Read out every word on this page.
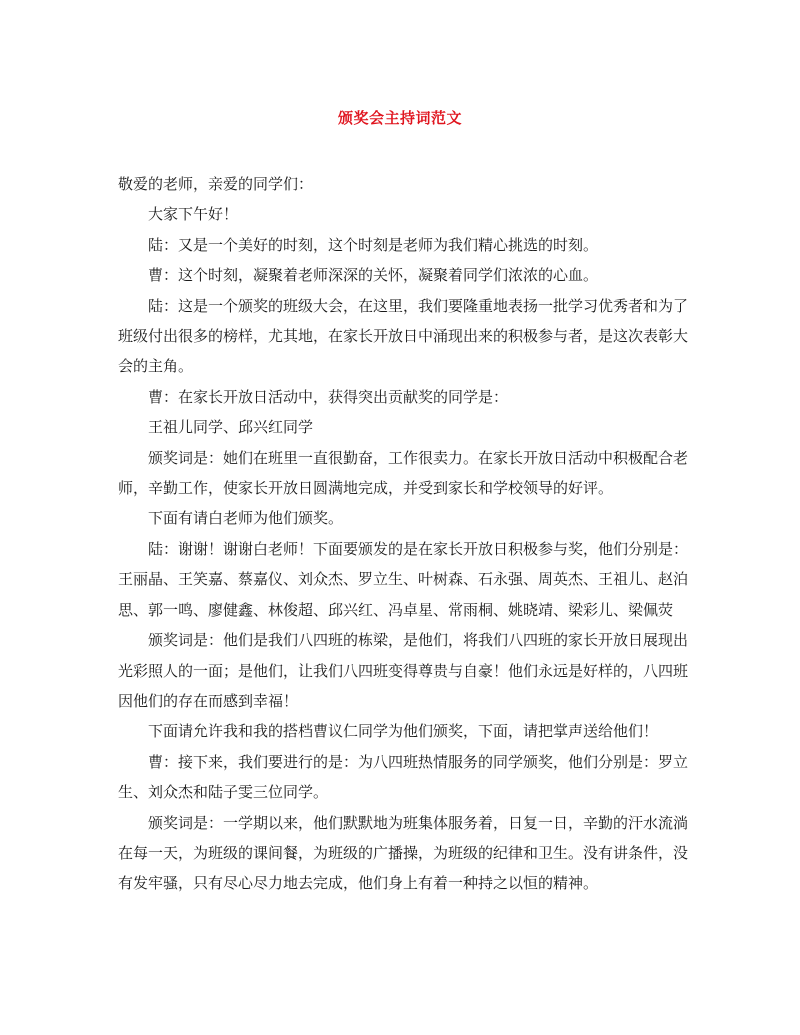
颁奖会主持词范文

敬爱的老师，亲爱的同学们：

大家下午好！

陆：又是一个美好的时刻，这个时刻是老师为我们精心挑选的时刻。

曹：这个时刻，凝聚着老师深深的关怀，凝聚着同学们浓浓的心血。

陆：这是一个颁奖的班级大会，在这里，我们要隆重地表扬一批学习优秀者和为了班级付出很多的榜样，尤其地，在家长开放日中涌现出来的积极参与者，是这次表彰大会的主角。

曹：在家长开放日活动中，获得突出贡献奖的同学是：

王祖儿同学、邱兴红同学

颁奖词是：她们在班里一直很勤奋，工作很卖力。在家长开放日活动中积极配合老师，辛勤工作，使家长开放日圆满地完成，并受到家长和学校领导的好评。

下面有请白老师为他们颁奖。

陆：谢谢！谢谢白老师！下面要颁发的是在家长开放日积极参与奖，他们分别是：王丽晶、王笑嘉、蔡嘉仪、刘众杰、罗立生、叶树森、石永强、周英杰、王祖儿、赵泊思、郭一鸣、廖健鑫、林俊超、邱兴红、冯卓星、常雨桐、姚晓靖、梁彩儿、梁佩荧

颁奖词是：他们是我们八四班的栋梁，是他们，将我们八四班的家长开放日展现出光彩照人的一面；是他们，让我们八四班变得尊贵与自豪！他们永远是好样的，八四班因他们的存在而感到幸福！

下面请允许我和我的搭档曹议仁同学为他们颁奖，下面，请把掌声送给他们！

曹：接下来，我们要进行的是：为八四班热情服务的同学颁奖，他们分别是：罗立生、刘众杰和陆子雯三位同学。

颁奖词是：一学期以来，他们默默地为班集体服务着，日复一日，辛勤的汗水流淌在每一天，为班级的课间餐，为班级的广播操，为班级的纪律和卫生。没有讲条件，没有发牢骚，只有尽心尽力地去完成，他们身上有着一种持之以恒的精神。
